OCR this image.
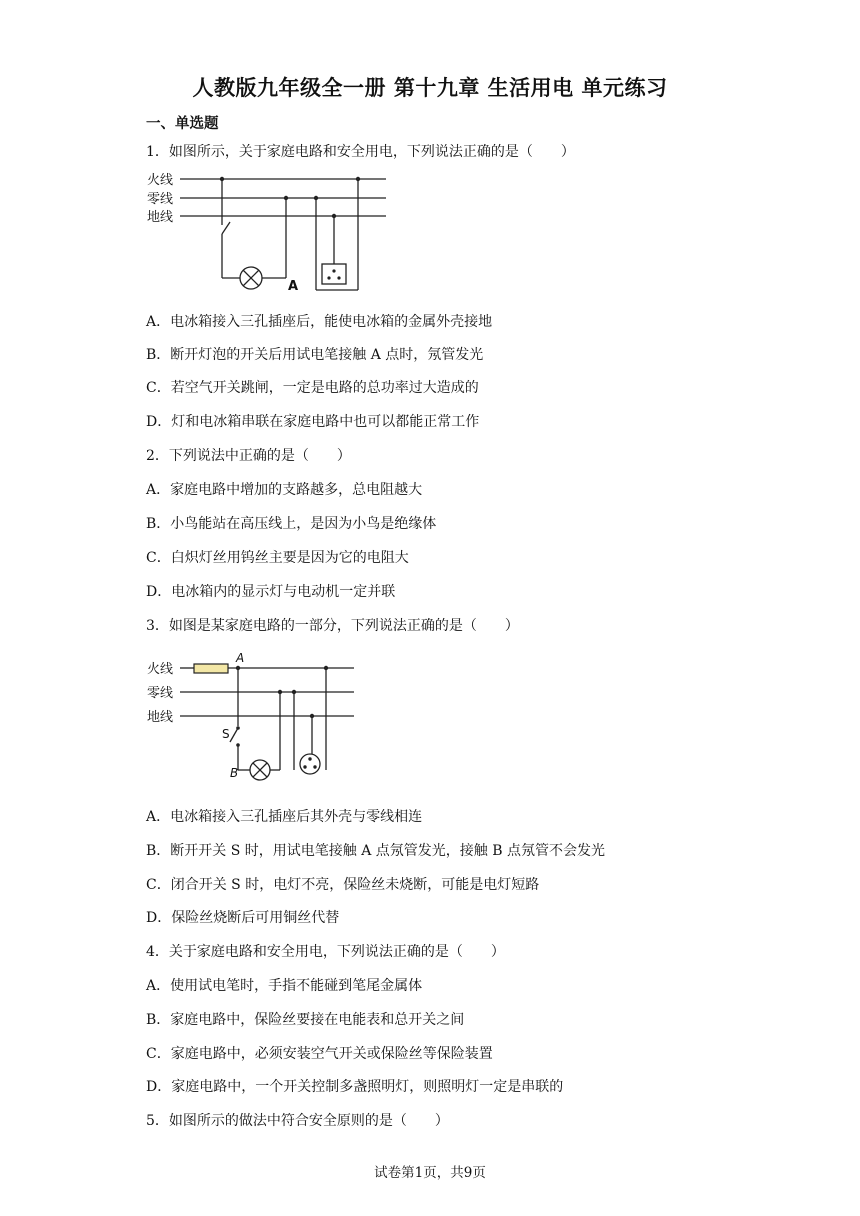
人教版九年级全一册 第十九章 生活用电 单元练习
一、单选题
1．如图所示，关于家庭电路和安全用电，下列说法正确的是（　　）
火线
零线
地线
A
A．电冰箱接入三孔插座后，能使电冰箱的金属外壳接地
B．断开灯泡的开关后用试电笔接触 A 点时，氖管发光
C．若空气开关跳闸，一定是电路的总功率过大造成的
D．灯和电冰箱串联在家庭电路中也可以都能正常工作
2．下列说法中正确的是（　　）
A．家庭电路中增加的支路越多，总电阻越大
B．小鸟能站在高压线上，是因为小鸟是绝缘体
C．白炽灯丝用钨丝主要是因为它的电阻大
D．电冰箱内的显示灯与电动机一定并联
3．如图是某家庭电路的一部分，下列说法正确的是（　　）
火线
零线
地线
A
S
B
A．电冰箱接入三孔插座后其外壳与零线相连
B．断开开关 S 时，用试电笔接触 A 点氖管发光，接触 B 点氖管不会发光
C．闭合开关 S 时，电灯不亮，保险丝未烧断，可能是电灯短路
D．保险丝烧断后可用铜丝代替
4．关于家庭电路和安全用电，下列说法正确的是（　　）
A．使用试电笔时，手指不能碰到笔尾金属体
B．家庭电路中，保险丝要接在电能表和总开关之间
C．家庭电路中，必须安装空气开关或保险丝等保险装置
D．家庭电路中，一个开关控制多盏照明灯，则照明灯一定是串联的
5．如图所示的做法中符合安全原则的是（　　）
试卷第1页，共9页
